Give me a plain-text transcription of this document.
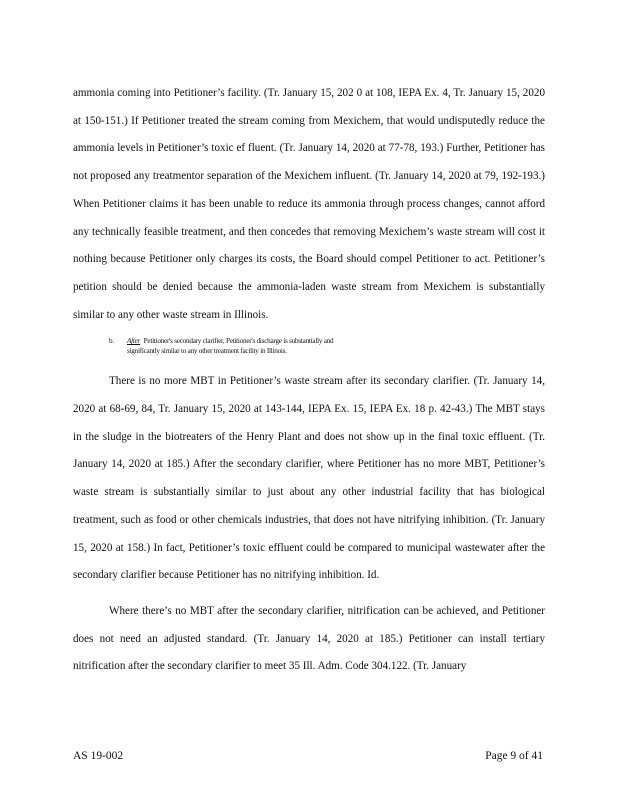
ammonia coming into Petitioner’s facility. (Tr. January 15, 202 0 at 108, IEPA Ex. 4, Tr. January 15, 2020 at 150-151.) If Petitioner treated the stream coming from Mexichem, that would undisputedly reduce the ammonia levels in Petitioner’s toxic ef fluent. (Tr. January 14, 2020 at 77-78, 193.) Further, Petitioner has not proposed any treatmentor separation of the Mexichem influent. (Tr. January 14, 2020 at 79, 192-193.) When Petitioner claims it has been unable to reduce its ammonia through process changes, cannot afford any technically feasible treatment, and then concedes that removing Mexichem’s waste stream will cost it nothing because Petitioner only charges its costs, the Board should compel Petitioner to act. Petitioner’s petition should be denied because the ammonia-laden waste stream from Mexichem is substantially similar to any other waste stream in Illinois.

b. After Petitioner's secondary clarifier, Petitioner's discharge is substantially and
significantly similar to any other treatment facility in Illinois.

There is no more MBT in Petitioner’s waste stream after its secondary clarifier. (Tr. January 14, 2020 at 68-69, 84, Tr. January 15, 2020 at 143-144, IEPA Ex. 15, IEPA Ex. 18 p. 42-43.) The MBT stays in the sludge in the biotreaters of the Henry Plant and does not show up in the final toxic effluent. (Tr. January 14, 2020 at 185.) After the secondary clarifier, where Petitioner has no more MBT, Petitioner’s waste stream is substantially similar to just about any other industrial facility that has biological treatment, such as food or other chemicals industries, that does not have nitrifying inhibition. (Tr. January 15, 2020 at 158.) In fact, Petitioner’s toxic effluent could be compared to municipal wastewater after the secondary clarifier because Petitioner has no nitrifying inhibition. Id.

Where there’s no MBT after the secondary clarifier, nitrification can be achieved, and Petitioner does not need an adjusted standard. (Tr. January 14, 2020 at 185.) Petitioner can install tertiary nitrification after the secondary clarifier to meet 35 Ill. Adm. Code 304.122. (Tr. January

AS 19-002	Page 9 of 41
